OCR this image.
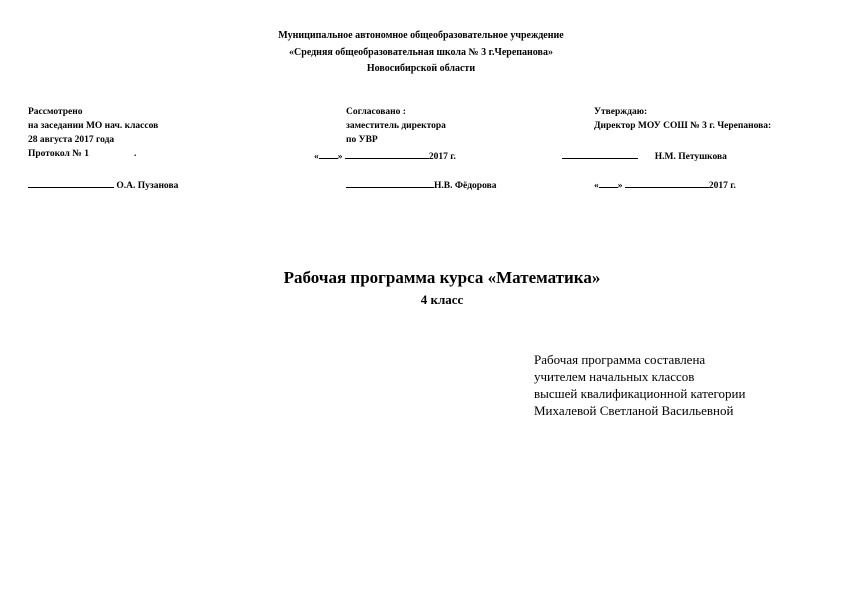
Муниципальное автономное общеобразовательное учреждение
«Средняя общеобразовательная школа № 3 г.Черепанова»
Новосибирской области
Рассмотрено
на заседании МО нач. классов
28 августа 2017 года
Протокол № 1	.
О.А. Пузанова
Согласовано :
заместитель директора
по УВР
« »	2017 г.
Н.В. Фёдорова
Утверждаю:
Директор МОУ СОШ № 3 г. Черепанова:
Н.М. Петушкова
« »	2017 г.
Рабочая программа курса «Математика»
4 класс
Рабочая программа составлена
учителем начальных классов
высшей квалификационной категории
Михалевой Светланой Васильевной
